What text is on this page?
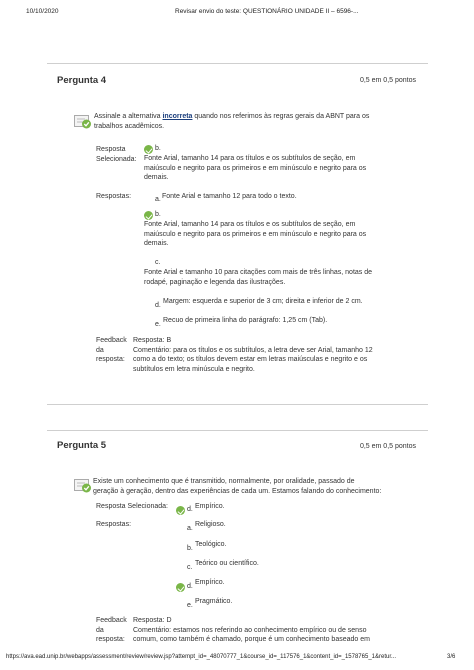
10/10/2020	Revisar envio do teste: QUESTIONÁRIO UNIDADE II – 6596-...
Pergunta 4	0,5 em 0,5 pontos
Assinale a alternativa incorreta quando nos referimos às regras gerais da ABNT para os
trabalhos acadêmicos.
Resposta
Selecionada:
b.
Fonte Arial, tamanho 14 para os títulos e os subtítulos de seção, em
maiúsculo e negrito para os primeiros e em minúsculo e negrito para os
demais.
Respostas:	a. Fonte Arial e tamanho 12 para todo o texto.
b.
Fonte Arial, tamanho 14 para os títulos e os subtítulos de seção, em
maiúsculo e negrito para os primeiros e em minúsculo e negrito para os
demais.
c.
Fonte Arial e tamanho 10 para citações com mais de três linhas, notas de
rodapé, paginação e legenda das ilustrações.
d.
Margem: esquerda e superior de 3 cm; direita e inferior de 2 cm.
e.
Recuo de primeira linha do parágrafo: 1,25 cm (Tab).
Feedback
da
resposta:
Resposta: B
Comentário: para os títulos e os subtítulos, a letra deve ser Arial, tamanho 12
como a do texto; os títulos devem estar em letras maiúsculas e negrito e os
subtítulos em letra minúscula e negrito.
Pergunta 5	0,5 em 0,5 pontos
Existe um conhecimento que é transmitido, normalmente, por oralidade, passado de
geração à geração, dentro das experiências de cada um. Estamos falando do conhecimento:
Resposta Selecionada:	d. Empírico.
Respostas:
a.
Religioso.
b.
Teológico.
c.
Teórico ou científico.
d.
Empírico.
e.
Pragmático.
Feedback
da
resposta:
Resposta: D
Comentário: estamos nos referindo ao conhecimento empírico ou de senso
comum, como também é chamado, porque é um conhecimento baseado em
https://ava.ead.unip.br/webapps/assessment/review/review.jsp?attempt_id=_48070777_1&course_id=_117576_1&content_id=_1578765_1&retur...	3/6
